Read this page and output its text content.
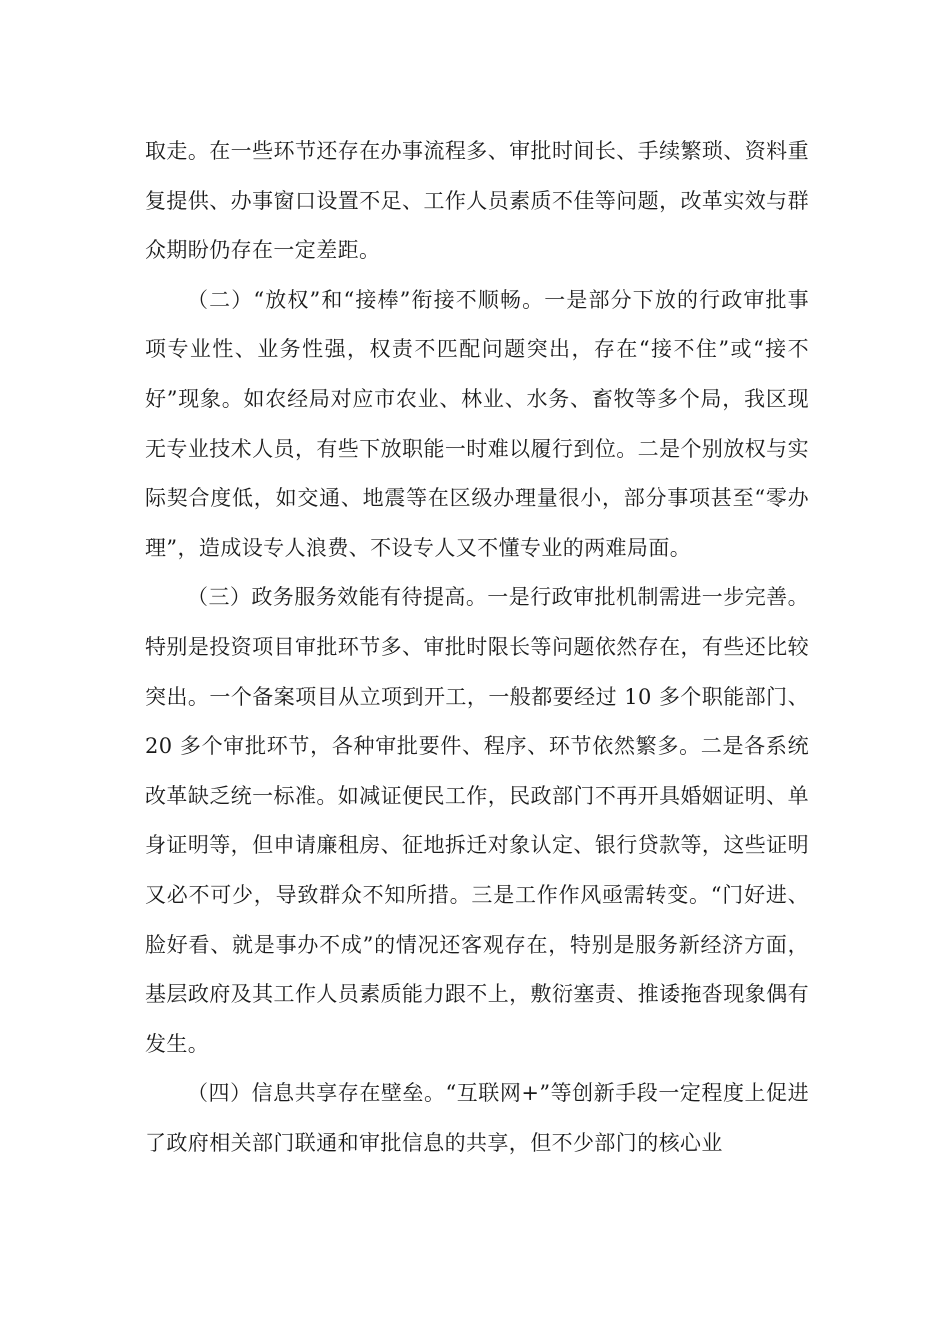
取走。在一些环节还存在办事流程多、审批时间长、手续繁琐、资料重复提供、办事窗口设置不足、工作人员素质不佳等问题，改革实效与群众期盼仍存在一定差距。

（二）“放权”和“接棒”衔接不顺畅。一是部分下放的行政审批事项专业性、业务性强，权责不匹配问题突出，存在“接不住”或“接不好”现象。如农经局对应市农业、林业、水务、畜牧等多个局，我区现无专业技术人员，有些下放职能一时难以履行到位。二是个别放权与实际契合度低，如交通、地震等在区级办理量很小，部分事项甚至“零办理”，造成设专人浪费、不设专人又不懂专业的两难局面。

（三）政务服务效能有待提高。一是行政审批机制需进一步完善。特别是投资项目审批环节多、审批时限长等问题依然存在，有些还比较突出。一个备案项目从立项到开工，一般都要经过 10 多个职能部门、20 多个审批环节，各种审批要件、程序、环节依然繁多。二是各系统改革缺乏统一标准。如减证便民工作，民政部门不再开具婚姻证明、单身证明等，但申请廉租房、征地拆迁对象认定、银行贷款等，这些证明又必不可少，导致群众不知所措。三是工作作风亟需转变。“门好进、脸好看、就是事办不成”的情况还客观存在，特别是服务新经济方面，基层政府及其工作人员素质能力跟不上，敷衍塞责、推诿拖沓现象偶有发生。

（四）信息共享存在壁垒。“互联网+”等创新手段一定程度上促进了政府相关部门联通和审批信息的共享，但不少部门的核心业
